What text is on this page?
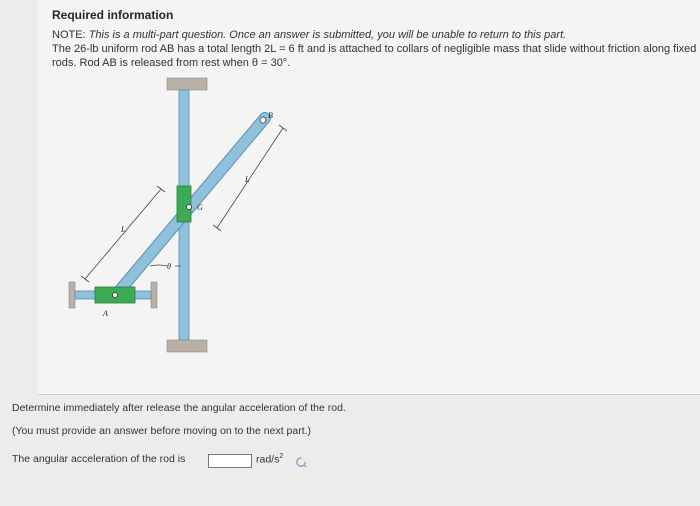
Required information
NOTE: This is a multi-part question. Once an answer is submitted, you will be unable to return to this part.
The 26-lb uniform rod AB has a total length 2L = 6 ft and is attached to collars of negligible mass that slide without friction along fixed rods. Rod AB is released from rest when θ = 30°.
A
B
G
L
L
θ
Determine immediately after release the angular acceleration of the rod.
(You must provide an answer before moving on to the next part.)
The angular acceleration of the rod is	rad/$s^2$
